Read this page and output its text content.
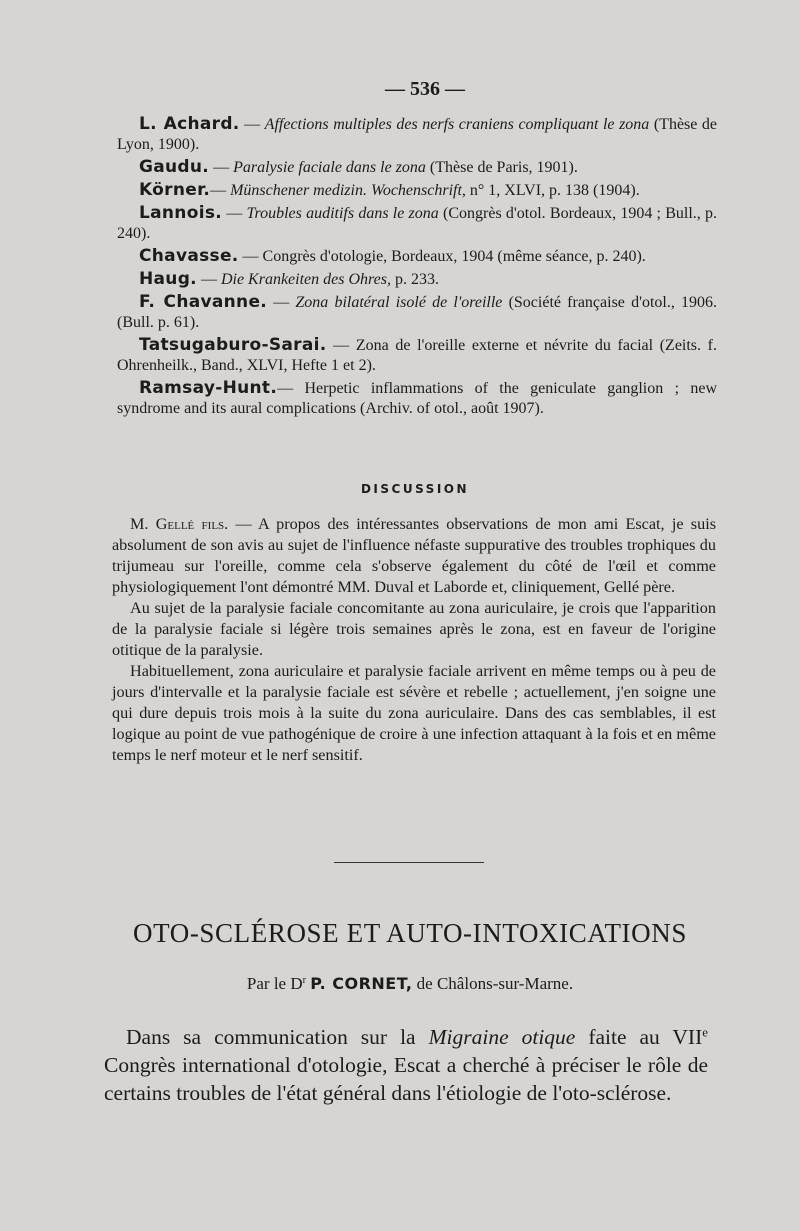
— 536 —

L. Achard. — Affections multiples des nerfs craniens compliquant le zona (Thèse de Lyon, 1900).

Gaudu. — Paralysie faciale dans le zona (Thèse de Paris, 1901).

Körner.— Münschener medizin. Wochenschrift, n° 1, XLVI, p. 138 (1904).

Lannois. — Troubles auditifs dans le zona (Congrès d'otol. Bordeaux, 1904 ; Bull., p. 240).

Chavasse. — Congrès d'otologie, Bordeaux, 1904 (même séance, p. 240).

Haug. — Die Krankeiten des Ohres, p. 233.

F. Chavanne. — Zona bilatéral isolé de l'oreille (Société française d'otol., 1906. (Bull. p. 61).

Tatsugaburo-Sarai. — Zona de l'oreille externe et névrite du facial (Zeits. f. Ohrenheilk., Band., XLVI, Hefte 1 et 2).

Ramsay-Hunt.— Herpetic inflammations of the geniculate ganglion ; new syndrome and its aural complications (Archiv. of otol., août 1907).

DISCUSSION

M. Gellé fils. — A propos des intéressantes observations de mon ami Escat, je suis absolument de son avis au sujet de l'influence néfaste suppurative des troubles trophiques du trijumeau sur l'oreille, comme cela s'observe également du côté de l'œil et comme physiologiquement l'ont démontré MM. Duval et Laborde et, cliniquement, Gellé père.

Au sujet de la paralysie faciale concomitante au zona auriculaire, je crois que l'apparition de la paralysie faciale si légère trois semaines après le zona, est en faveur de l'origine otitique de la paralysie.

Habituellement, zona auriculaire et paralysie faciale arrivent en même temps ou à peu de jours d'intervalle et la paralysie faciale est sévère et rebelle ; actuellement, j'en soigne une qui dure depuis trois mois à la suite du zona auriculaire. Dans des cas semblables, il est logique au point de vue pathogénique de croire à une infection attaquant à la fois et en même temps le nerf moteur et le nerf sensitif.

OTO-SCLÉROSE ET AUTO-INTOXICATIONS
Par le $D^r$ P. CORNET, de Châlons-sur-Marne.

Dans sa communication sur la Migraine otique faite au VIIe Congrès international d'otologie, Escat a cherché à préciser le rôle de certains troubles de l'état général dans l'étiologie de l'oto-sclérose.
